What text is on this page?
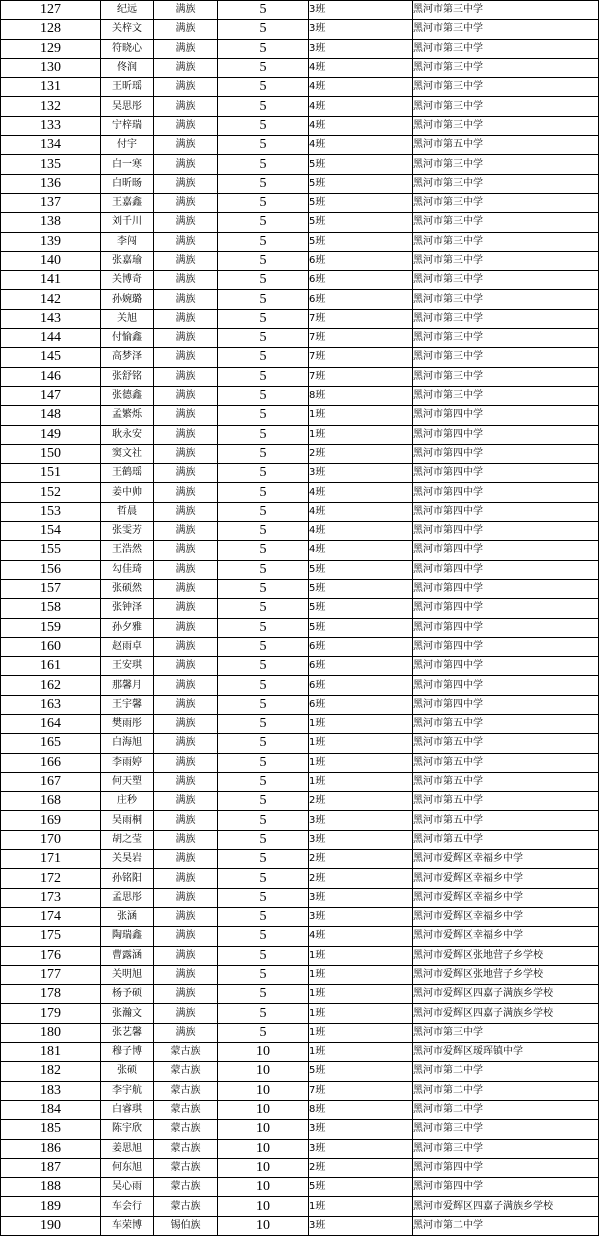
127	纪远	满族	5	3班	黑河市第三中学
128	关梓文	满族	5	3班	黑河市第三中学
129	符晓心	满族	5	3班	黑河市第三中学
130	佟润	满族	5	4班	黑河市第三中学
131	王昕瑶	满族	5	4班	黑河市第三中学
132	吴思彤	满族	5	4班	黑河市第三中学
133	宁梓瑞	满族	5	4班	黑河市第三中学
134	付宇	满族	5	4班	黑河市第五中学
135	白一寒	满族	5	5班	黑河市第三中学
136	白昕旸	满族	5	5班	黑河市第三中学
137	王嘉鑫	满族	5	5班	黑河市第三中学
138	刘千川	满族	5	5班	黑河市第三中学
139	李闯	满族	5	5班	黑河市第三中学
140	张嘉瑜	满族	5	6班	黑河市第三中学
141	关博奇	满族	5	6班	黑河市第三中学
142	孙婉璐	满族	5	6班	黑河市第三中学
143	关旭	满族	5	7班	黑河市第三中学
144	付愉鑫	满族	5	7班	黑河市第三中学
145	高梦泽	满族	5	7班	黑河市第三中学
146	张舒铭	满族	5	7班	黑河市第三中学
147	张德鑫	满族	5	8班	黑河市第三中学
148	孟繁烁	满族	5	1班	黑河市第四中学
149	耿永安	满族	5	1班	黑河市第四中学
150	窦文社	满族	5	2班	黑河市第四中学
151	王鹤瑶	满族	5	3班	黑河市第四中学
152	姜中帅	满族	5	4班	黑河市第四中学
153	哲晨	满族	5	4班	黑河市第四中学
154	张雯芳	满族	5	4班	黑河市第四中学
155	王浩然	满族	5	4班	黑河市第四中学
156	勾佳琦	满族	5	5班	黑河市第四中学
157	张硕然	满族	5	5班	黑河市第四中学
158	张钟泽	满族	5	5班	黑河市第四中学
159	孙夕雅	满族	5	5班	黑河市第四中学
160	赵雨卓	满族	5	6班	黑河市第四中学
161	王安琪	满族	5	6班	黑河市第四中学
162	那馨月	满族	5	6班	黑河市第四中学
163	王宇馨	满族	5	6班	黑河市第四中学
164	樊雨彤	满族	5	1班	黑河市第五中学
165	白海旭	满族	5	1班	黑河市第五中学
166	李雨婷	满族	5	1班	黑河市第五中学
167	何天塑	满族	5	1班	黑河市第五中学
168	庄秒	满族	5	2班	黑河市第五中学
169	吴雨桐	满族	5	3班	黑河市第五中学
170	胡之莹	满族	5	3班	黑河市第五中学
171	关昊岩	满族	5	2班	黑河市爱辉区幸福乡中学
172	孙铭阳	满族	5	2班	黑河市爱辉区幸福乡中学
173	孟思彤	满族	5	3班	黑河市爱辉区幸福乡中学
174	张涵	满族	5	3班	黑河市爱辉区幸福乡中学
175	陶瑞鑫	满族	5	4班	黑河市爱辉区幸福乡中学
176	曹露涵	满族	5	1班	黑河市爱辉区张地营子乡学校
177	关明旭	满族	5	1班	黑河市爱辉区张地营子乡学校
178	杨予硕	满族	5	1班	黑河市爱辉区四嘉子满族乡学校
179	张瀚文	满族	5	1班	黑河市爱辉区四嘉子满族乡学校
180	张艺馨	满族	5	1班	黑河市第三中学
181	穆子博	蒙古族	10	1班	黑河市爱辉区瑷珲镇中学
182	张硕	蒙古族	10	5班	黑河市第二中学
183	李宇航	蒙古族	10	7班	黑河市第二中学
184	白睿琪	蒙古族	10	8班	黑河市第二中学
185	陈宇欣	蒙古族	10	3班	黑河市第三中学
186	姜思旭	蒙古族	10	3班	黑河市第三中学
187	何东旭	蒙古族	10	2班	黑河市第四中学
188	吴心雨	蒙古族	10	5班	黑河市第四中学
189	车会行	蒙古族	10	1班	黑河市爱辉区四嘉子满族乡学校
190	车荣博	锡伯族	10	3班	黑河市第二中学
